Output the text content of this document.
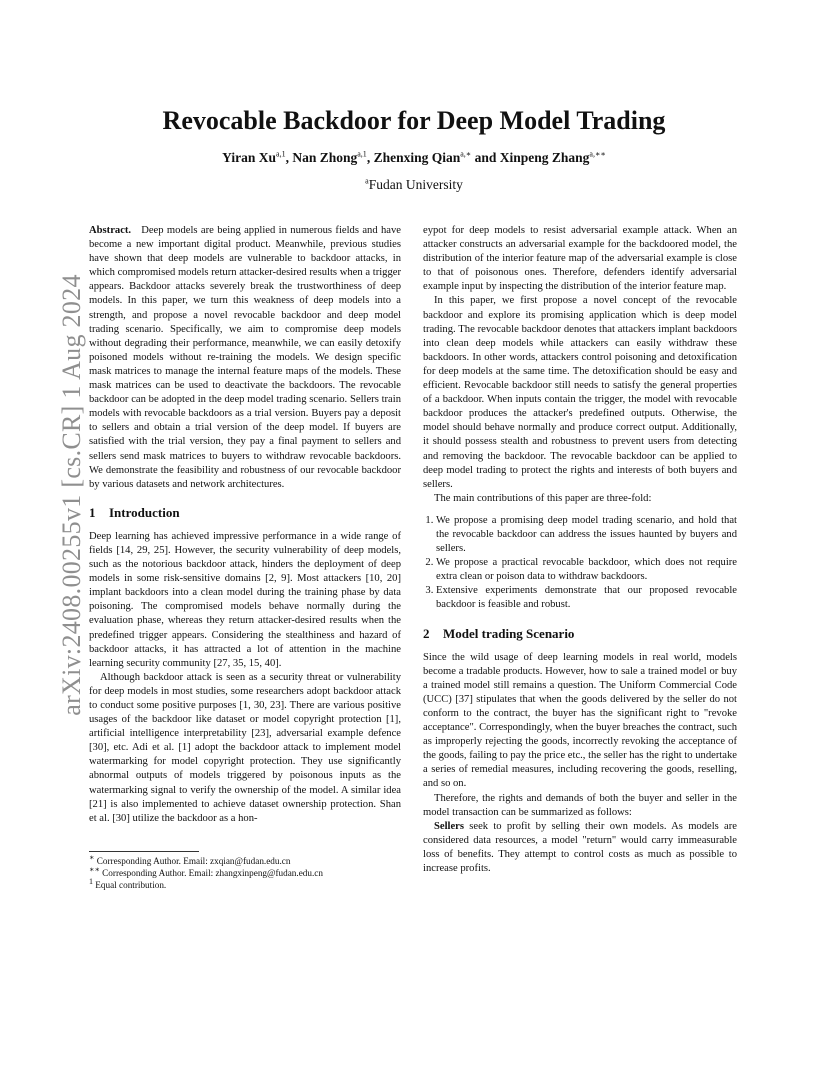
arXiv:2408.00255v1 [cs.CR] 1 Aug 2024
Revocable Backdoor for Deep Model Trading
Yiran Xu$^{a,1}$, Nan Zhong$^{a,1}$, Zhenxing Qian$^{a,∗}$ and Xinpeng Zhang$^{a,∗∗}$
$^a$Fudan University

Abstract. Deep models are being applied in numerous fields and have become a new important digital product. Meanwhile, previous studies have shown that deep models are vulnerable to backdoor attacks, in which compromised models return attacker-desired results when a trigger appears. Backdoor attacks severely break the trustworthiness of deep models. In this paper, we turn this weakness of deep models into a strength, and propose a novel revocable backdoor and deep model trading scenario. Specifically, we aim to compromise deep models without degrading their performance, meanwhile, we can easily detoxify poisoned models without re-training the models. We design specific mask matrices to manage the internal feature maps of the models. These mask matrices can be used to deactivate the backdoors. The revocable backdoor can be adopted in the deep model trading scenario. Sellers train models with revocable backdoors as a trial version. Buyers pay a deposit to sellers and obtain a trial version of the deep model. If buyers are satisfied with the trial version, they pay a final payment to sellers and sellers send mask matrices to buyers to withdraw revocable backdoors. We demonstrate the feasibility and robustness of our revocable backdoor by various datasets and network architectures.

1 Introduction

Deep learning has achieved impressive performance in a wide range of fields [14, 29, 25]. However, the security vulnerability of deep models, such as the notorious backdoor attack, hinders the deployment of deep models in some risk-sensitive domains [2, 9]. Most attackers [10, 20] implant backdoors into a clean model during the training phase by data poisoning. The compromised models behave normally during the evaluation phase, whereas they return attacker-desired results when the predefined trigger appears. Considering the stealthiness and hazard of backdoor attacks, it has attracted a lot of attention in the machine learning security community [27, 35, 15, 40].

Although backdoor attack is seen as a security threat or vulnerability for deep models in most studies, some researchers adopt backdoor attack to conduct some positive purposes [1, 30, 23]. There are various positive usages of the backdoor like dataset or model copyright protection [1], artificial intelligence interpretability [23], adversarial example defence [30], etc. Adi et al. [1] adopt the backdoor attack to implement model watermarking for model copyright protection. They use significantly abnormal outputs of models triggered by poisonous inputs as the watermarking signal to verify the ownership of the model. A similar idea [21] is also implemented to achieve dataset ownership protection. Shan et al. [30] utilize the backdoor as a hon-

∗ Corresponding Author. Email: zxqian@fudan.edu.cn
∗∗ Corresponding Author. Email: zhangxinpeng@fudan.edu.cn
$^1$ Equal contribution.

eypot for deep models to resist adversarial example attack. When an attacker constructs an adversarial example for the backdoored model, the distribution of the interior feature map of the adversarial example is close to that of poisonous ones. Therefore, defenders identify adversarial example input by inspecting the distribution of the interior feature map.

In this paper, we first propose a novel concept of the revocable backdoor and explore its promising application which is deep model trading. The revocable backdoor denotes that attackers implant backdoors into clean deep models while attackers can easily withdraw these backdoors. In other words, attackers control poisoning and detoxification for deep models at the same time. The detoxification should be easy and efficient. Revocable backdoor still needs to satisfy the general properties of a backdoor. When inputs contain the trigger, the model with revocable backdoor produces the attacker's predefined outputs. Otherwise, the model should behave normally and produce correct output. Additionally, it should possess stealth and robustness to prevent users from detecting and removing the backdoor. The revocable backdoor can be applied to deep model trading to protect the rights and interests of both buyers and sellers.

The main contributions of this paper are three-fold:

1. We propose a promising deep model trading scenario, and hold that the revocable backdoor can address the issues haunted by buyers and sellers.
2. We propose a practical revocable backdoor, which does not require extra clean or poison data to withdraw backdoors.
3. Extensive experiments demonstrate that our proposed revocable backdoor is feasible and robust.
2 Model trading Scenario

Since the wild usage of deep learning models in real world, models become a tradable products. However, how to sale a trained model or buy a trained model still remains a question. The Uniform Commercial Code (UCC) [37] stipulates that when the goods delivered by the seller do not conform to the contract, the buyer has the significant right to "revoke acceptance". Correspondingly, when the buyer breaches the contract, such as improperly rejecting the goods, incorrectly revoking the acceptance of the goods, failing to pay the price etc., the seller has the right to undertake a series of remedial measures, including recovering the goods, reselling, and so on.

Therefore, the rights and demands of both the buyer and seller in the model transaction can be summarized as follows:

Sellers seek to profit by selling their own models. As models are considered data resources, a model "return" would carry immeasurable loss of benefits. They attempt to control costs as much as possible to increase profits.
